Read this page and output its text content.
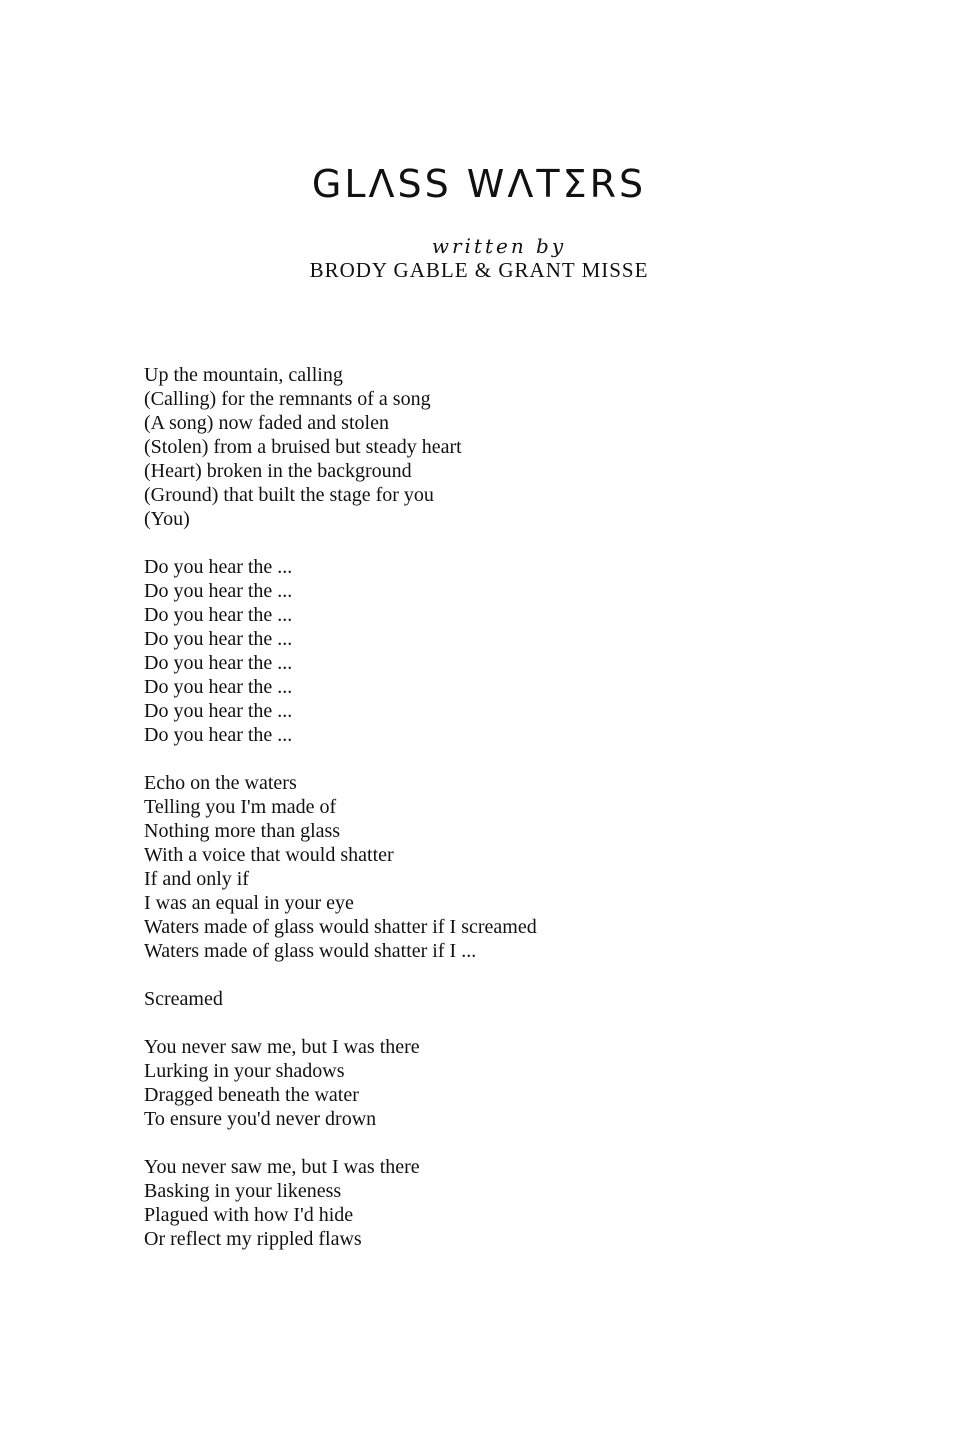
GLΛSS WΛTΣRS
written by
BRODY GABLE & GRANT MISSE
Up the mountain, calling
(Calling) for the remnants of a song
(A song) now faded and stolen
(Stolen) from a bruised but steady heart
(Heart) broken in the background
(Ground) that built the stage for you
(You)
Do you hear the ...
Do you hear the ...
Do you hear the ...
Do you hear the ...
Do you hear the ...
Do you hear the ...
Do you hear the ...
Do you hear the ...
Echo on the waters
Telling you I'm made of
Nothing more than glass
With a voice that would shatter
If and only if
I was an equal in your eye
Waters made of glass would shatter if I screamed
Waters made of glass would shatter if I ...
Screamed
You never saw me, but I was there
Lurking in your shadows
Dragged beneath the water
To ensure you'd never drown
You never saw me, but I was there
Basking in your likeness
Plagued with how I'd hide
Or reflect my rippled flaws
